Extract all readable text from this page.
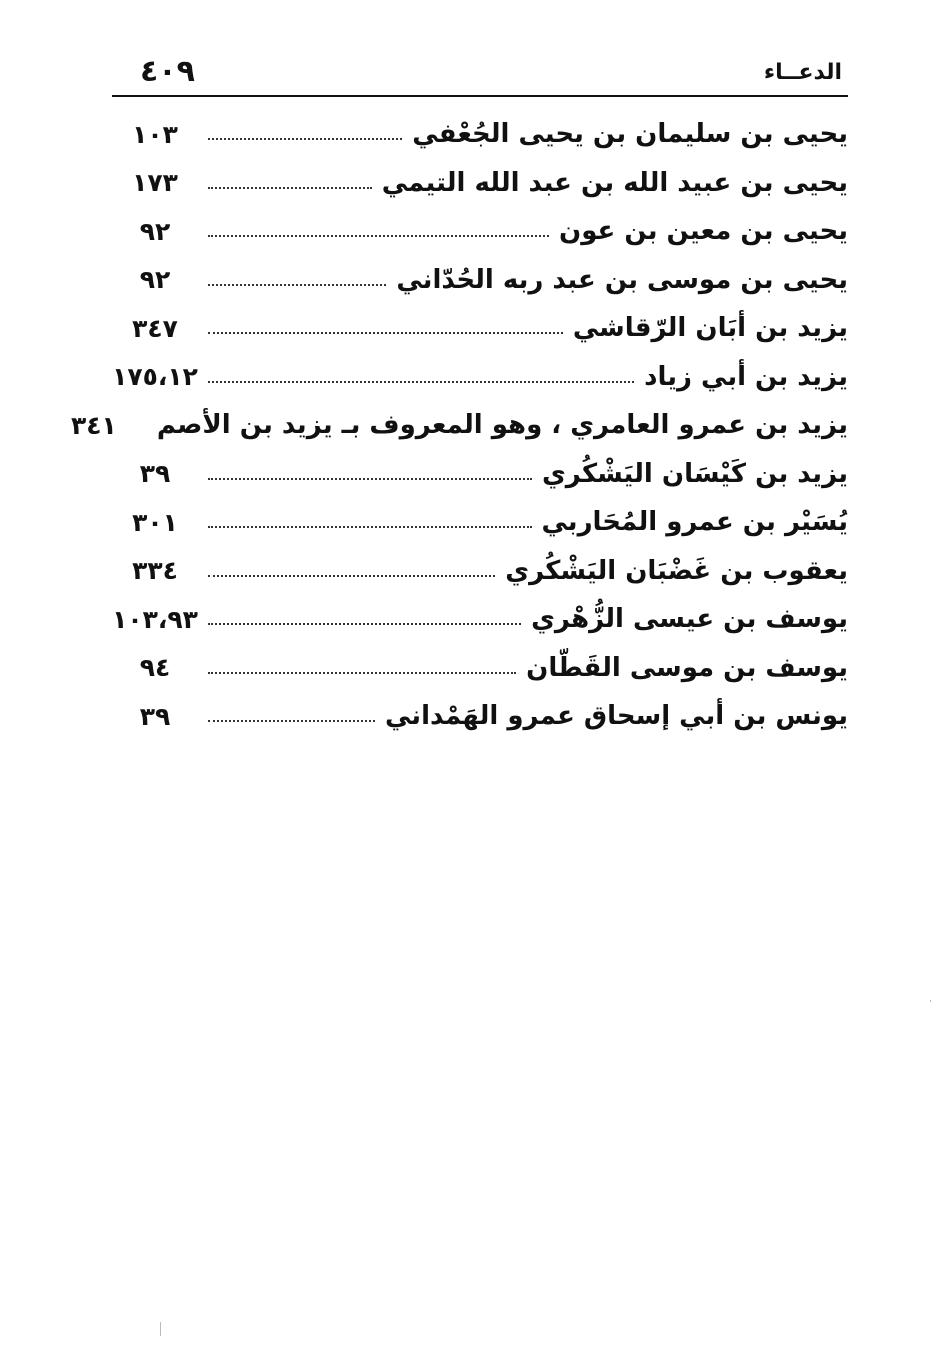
الدعــاء
٤٠٩
يحيى بن سليمان بن يحيى الجُعْفي
١٠٣
يحيى بن عبيد الله بن عبد الله التيمي
١٧٣
يحيى بن معين بن عون
٩٢
يحيى بن موسى بن عبد ربه الحُدّاني
٩٢
يزيد بن أبَان الرّقاشي
٣٤٧
يزيد بن أبي زياد
١٧٥،١٢
يزيد بن عمرو العامري ، وهو المعروف بـ يزيد بن الأصم
٣٤١
يزيد بن كَيْسَان اليَشْكُري
٣٩
يُسَيْر بن عمرو المُحَاربي
٣٠١
يعقوب بن غَضْبَان اليَشْكُري
٣٣٤
يوسف بن عيسى الزُّهْري
١٠٣،٩٣
يوسف بن موسى القَطّان
٩٤
يونس بن أبي إسحاق عمرو الهَمْداني
٣٩
